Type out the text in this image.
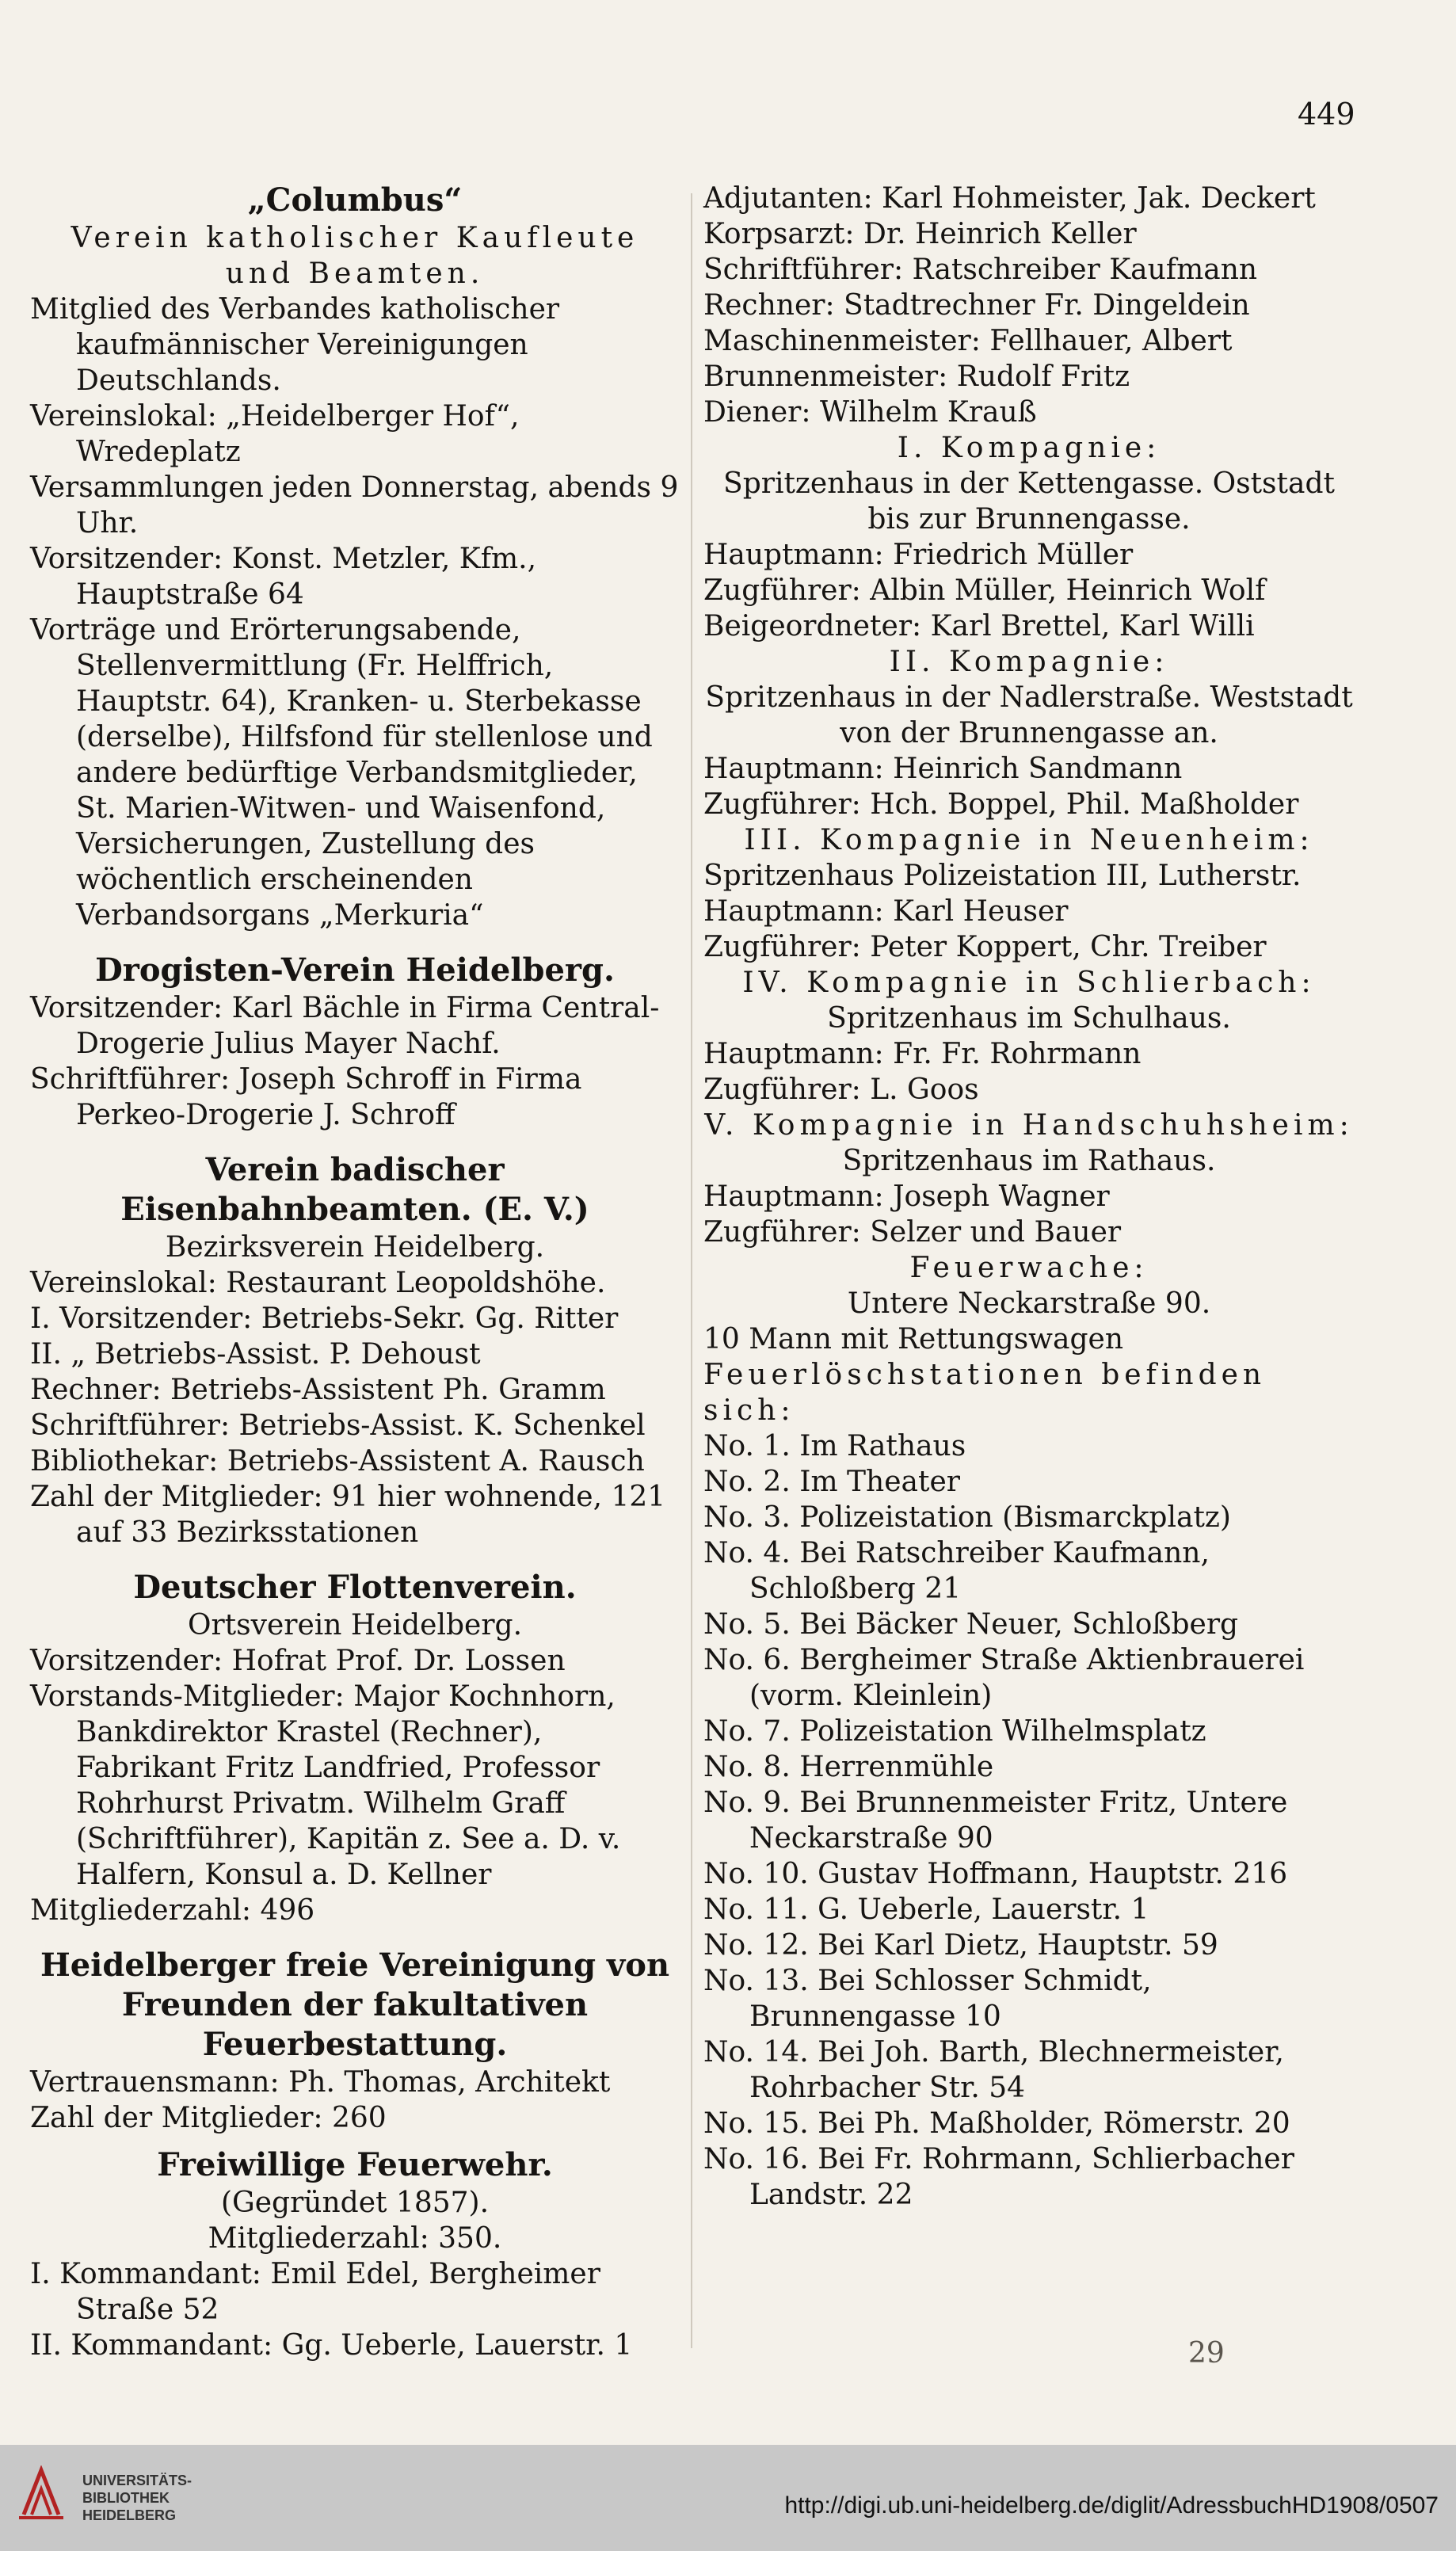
449
„Columbus“
Verein katholischer Kaufleute und Beamten.
Mitglied des Verbandes katholischer kaufmännischer Vereinigungen Deutschlands.
Vereinslokal: „Heidelberger Hof“, Wredeplatz
Versammlungen jeden Donnerstag, abends 9 Uhr.
Vorsitzender: Konst. Metzler, Kfm., Hauptstraße 64
Vorträge und Erörterungsabende, Stellenvermittlung (Fr. Helffrich, Hauptstr. 64), Kranken- u. Sterbekasse (derselbe), Hilfsfond für stellenlose und andere bedürftige Verbandsmitglieder, St. Marien-Witwen- und Waisenfond, Versicherungen, Zustellung des wöchentlich erscheinenden Verbandsorgans „Merkuria“
Drogisten-Verein Heidelberg.
Vorsitzender: Karl Bächle in Firma Central-Drogerie Julius Mayer Nachf.
Schriftführer: Joseph Schroff in Firma Perkeo-Drogerie J. Schroff
Verein badischer Eisenbahnbeamten. (E. V.)
Bezirksverein Heidelberg.
Vereinslokal: Restaurant Leopoldshöhe.
I. Vorsitzender: Betriebs-Sekr. Gg. Ritter
II. „ Betriebs-Assist. P. Dehoust
Rechner: Betriebs-Assistent Ph. Gramm
Schriftführer: Betriebs-Assist. K. Schenkel
Bibliothekar: Betriebs-Assistent A. Rausch
Zahl der Mitglieder: 91 hier wohnende, 121 auf 33 Bezirksstationen
Deutscher Flottenverein.
Ortsverein Heidelberg.
Vorsitzender: Hofrat Prof. Dr. Lossen
Vorstands-Mitglieder: Major Kochnhorn, Bankdirektor Krastel (Rechner), Fabrikant Fritz Landfried, Professor Rohrhurst Privatm. Wilhelm Graff (Schriftführer), Kapitän z. See a. D. v. Halfern, Konsul a. D. Kellner
Mitgliederzahl: 496
Heidelberger freie Vereinigung von Freunden der fakultativen Feuerbestattung.
Vertrauensmann: Ph. Thomas, Architekt
Zahl der Mitglieder: 260
Freiwillige Feuerwehr.
(Gegründet 1857).
Mitgliederzahl: 350.
I. Kommandant: Emil Edel, Bergheimer Straße 52
II. Kommandant: Gg. Ueberle, Lauerstr. 1
Adjutanten: Karl Hohmeister, Jak. Deckert
Korpsarzt: Dr. Heinrich Keller
Schriftführer: Ratschreiber Kaufmann
Rechner: Stadtrechner Fr. Dingeldein
Maschinenmeister: Fellhauer, Albert
Brunnenmeister: Rudolf Fritz
Diener: Wilhelm Krauß
I. Kompagnie:
Spritzenhaus in der Kettengasse. Oststadt bis zur Brunnengasse.
Hauptmann: Friedrich Müller
Zugführer: Albin Müller, Heinrich Wolf
Beigeordneter: Karl Brettel, Karl Willi
II. Kompagnie:
Spritzenhaus in der Nadlerstraße. Weststadt von der Brunnengasse an.
Hauptmann: Heinrich Sandmann
Zugführer: Hch. Boppel, Phil. Maßholder
III. Kompagnie in Neuenheim:
Spritzenhaus Polizeistation III, Lutherstr.
Hauptmann: Karl Heuser
Zugführer: Peter Koppert, Chr. Treiber
IV. Kompagnie in Schlierbach:
Spritzenhaus im Schulhaus.
Hauptmann: Fr. Fr. Rohrmann
Zugführer: L. Goos
V. Kompagnie in Handschuhsheim:
Spritzenhaus im Rathaus.
Hauptmann: Joseph Wagner
Zugführer: Selzer und Bauer
Feuerwache:
Untere Neckarstraße 90.
10 Mann mit Rettungswagen
Feuerlöschstationen befinden sich:
No. 1. Im Rathaus
No. 2. Im Theater
No. 3. Polizeistation (Bismarckplatz)
No. 4. Bei Ratschreiber Kaufmann, Schloßberg 21
No. 5. Bei Bäcker Neuer, Schloßberg
No. 6. Bergheimer Straße Aktienbrauerei (vorm. Kleinlein)
No. 7. Polizeistation Wilhelmsplatz
No. 8. Herrenmühle
No. 9. Bei Brunnenmeister Fritz, Untere Neckarstraße 90
No. 10. Gustav Hoffmann, Hauptstr. 216
No. 11. G. Ueberle, Lauerstr. 1
No. 12. Bei Karl Dietz, Hauptstr. 59
No. 13. Bei Schlosser Schmidt, Brunnengasse 10
No. 14. Bei Joh. Barth, Blechnermeister, Rohrbacher Str. 54
No. 15. Bei Ph. Maßholder, Römerstr. 20
No. 16. Bei Fr. Rohrmann, Schlierbacher Landstr. 22
29
UNIVERSITÄTS-
BIBLIOTHEK
HEIDELBERG	http://digi.ub.uni-heidelberg.de/diglit/AdressbuchHD1908/0507
